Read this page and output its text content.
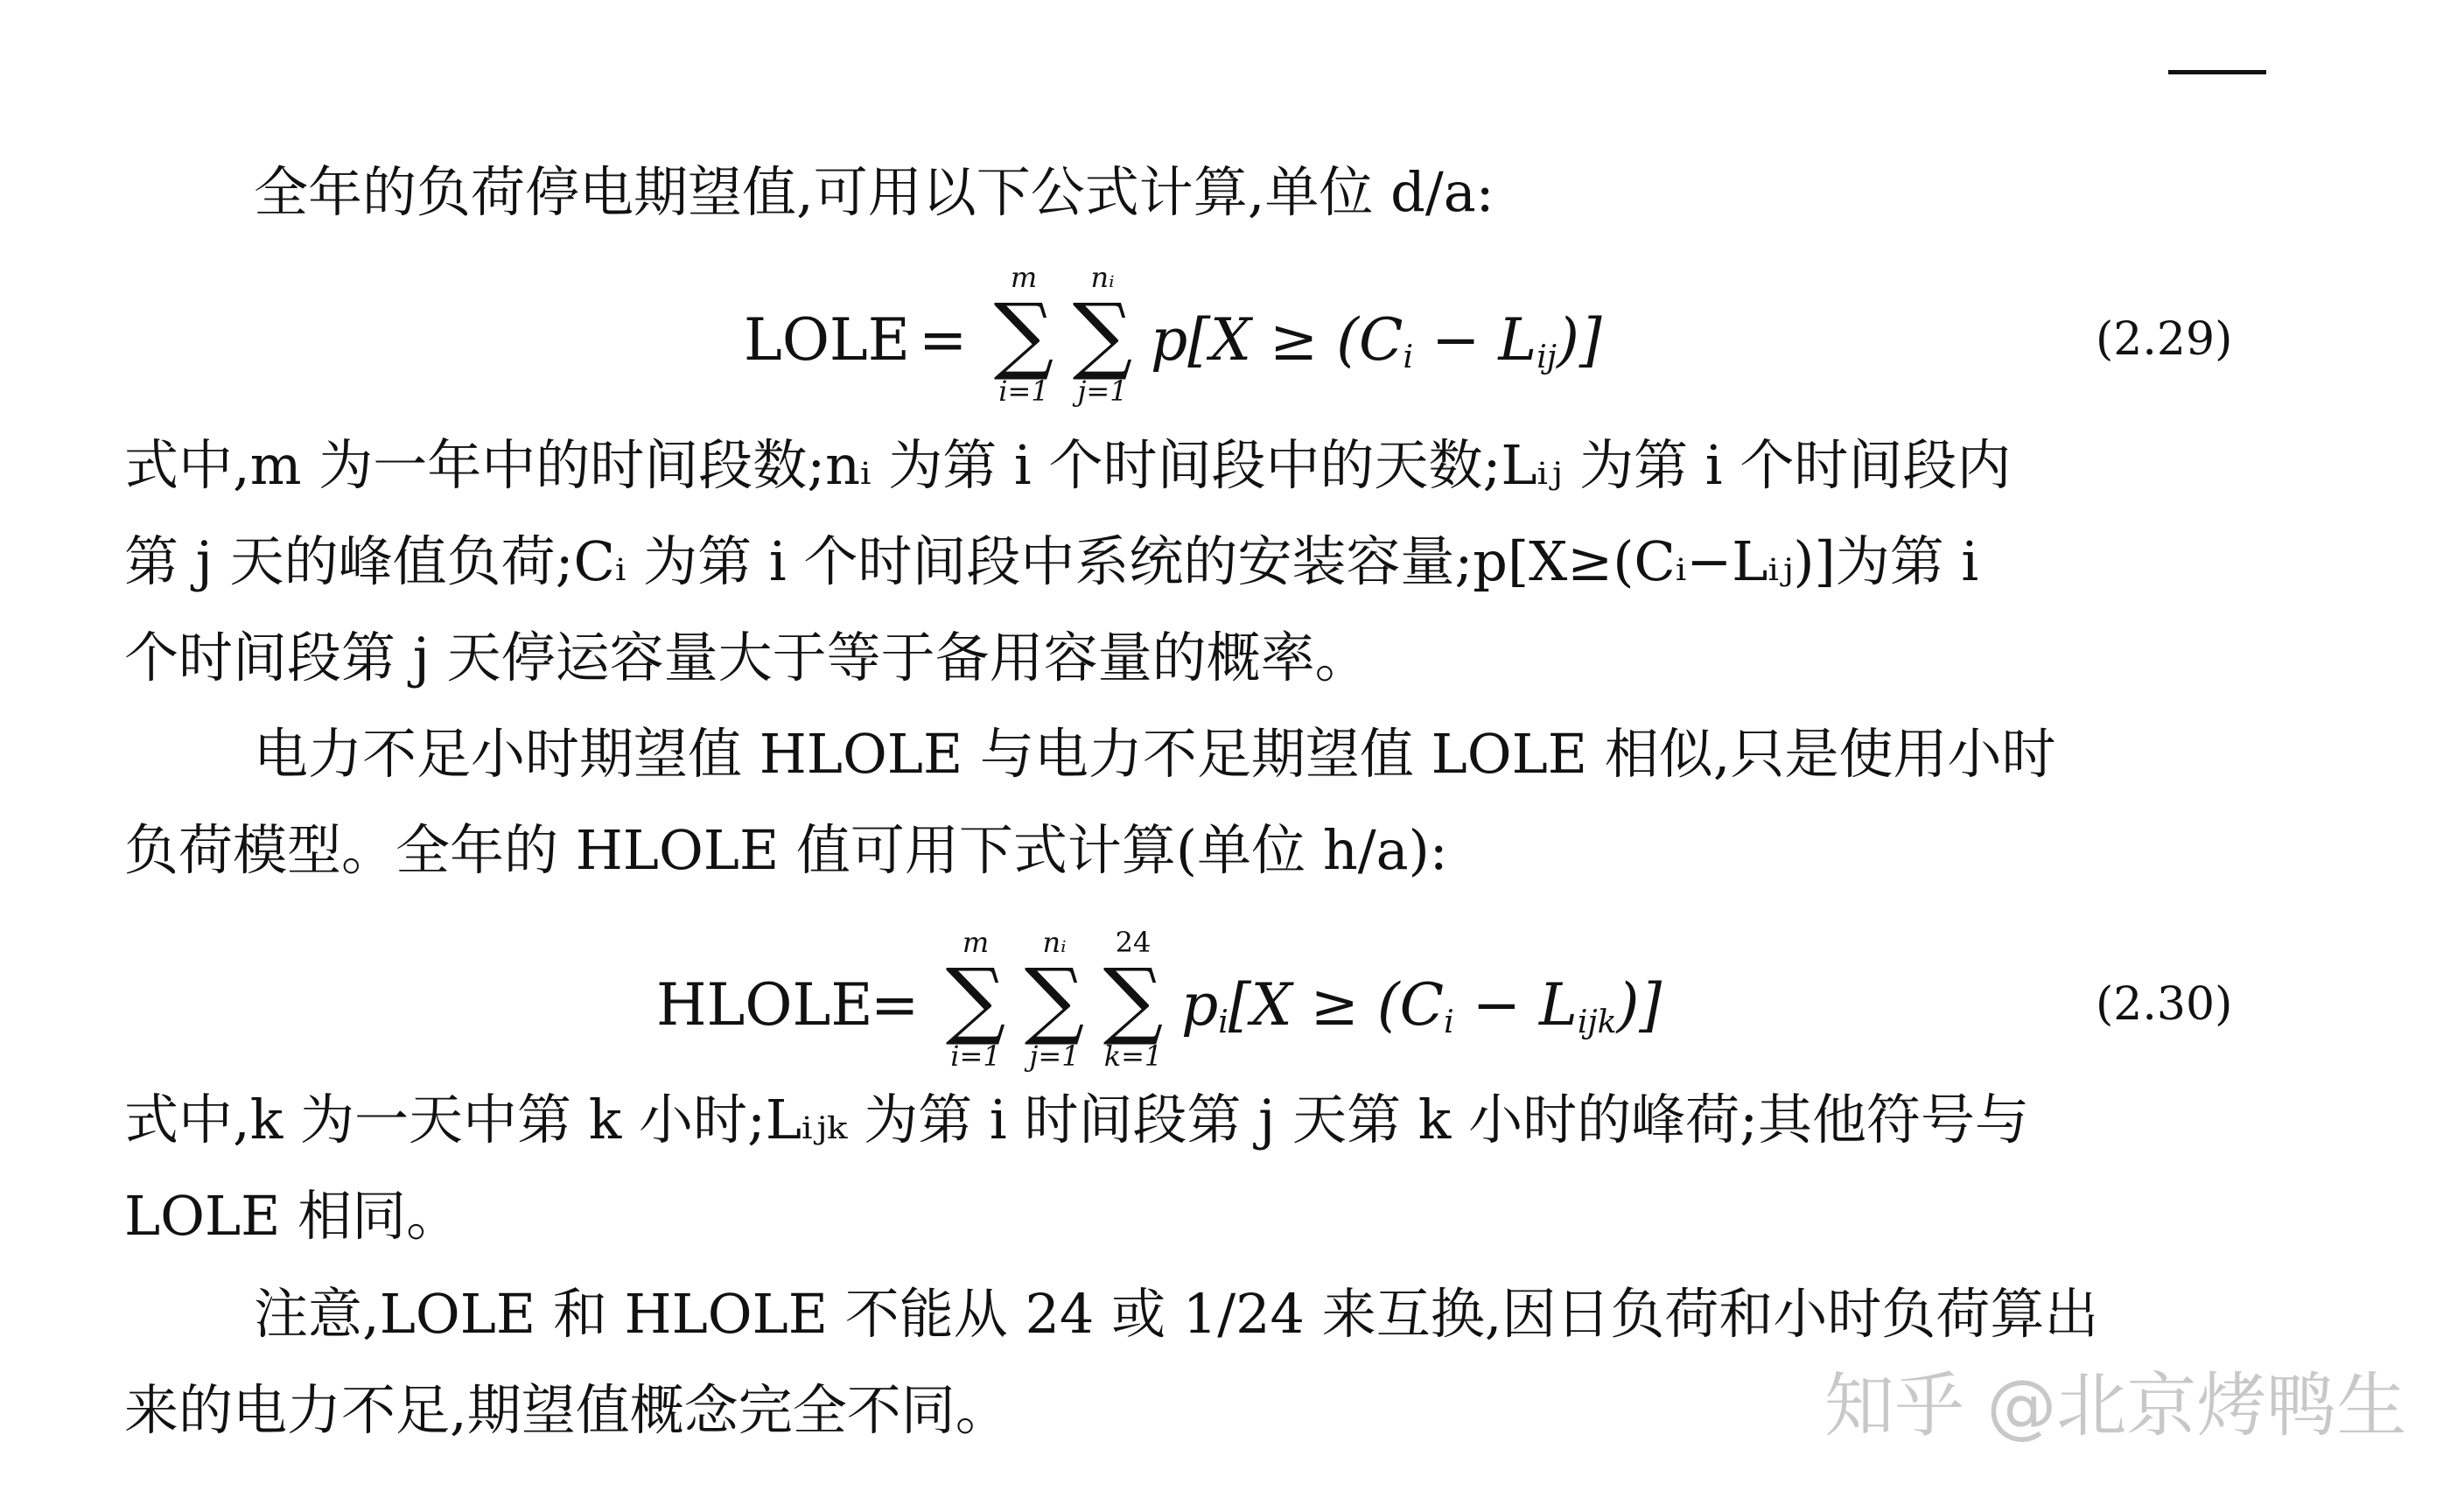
全年的负荷停电期望值,可用以下公式计算,单位 d/a:
LOLE =
m
∑
i=1
nᵢ
∑
j=1
$p[X \ge (C_i - L_{ij})]$	(2.29)
式中,m 为一年中的时间段数;nᵢ 为第 i 个时间段中的天数;Lᵢⱼ 为第 i 个时间段内
第 j 天的峰值负荷;Cᵢ 为第 i 个时间段中系统的安装容量;p[X≥(Cᵢ−Lᵢⱼ)]为第 i
个时间段第 j 天停运容量大于等于备用容量的概率。
电力不足小时期望值 HLOLE 与电力不足期望值 LOLE 相似,只是使用小时
负荷模型。全年的 HLOLE 值可用下式计算(单位 h/a):
HLOLE
=
m
∑
i=1
nᵢ
∑
j=1
24
∑
k=1
$p_i[X \ge (C_i - L_{ijk})]$	(2.30)
式中,k 为一天中第 k 小时;Lᵢⱼₖ 为第 i 时间段第 j 天第 k 小时的峰荷;其他符号与
LOLE 相同。
注意,LOLE 和 HLOLE 不能从 24 或 1/24 来互换,因日负荷和小时负荷算出
来的电力不足,期望值概念完全不同。	知乎 @北京烤鸭生
